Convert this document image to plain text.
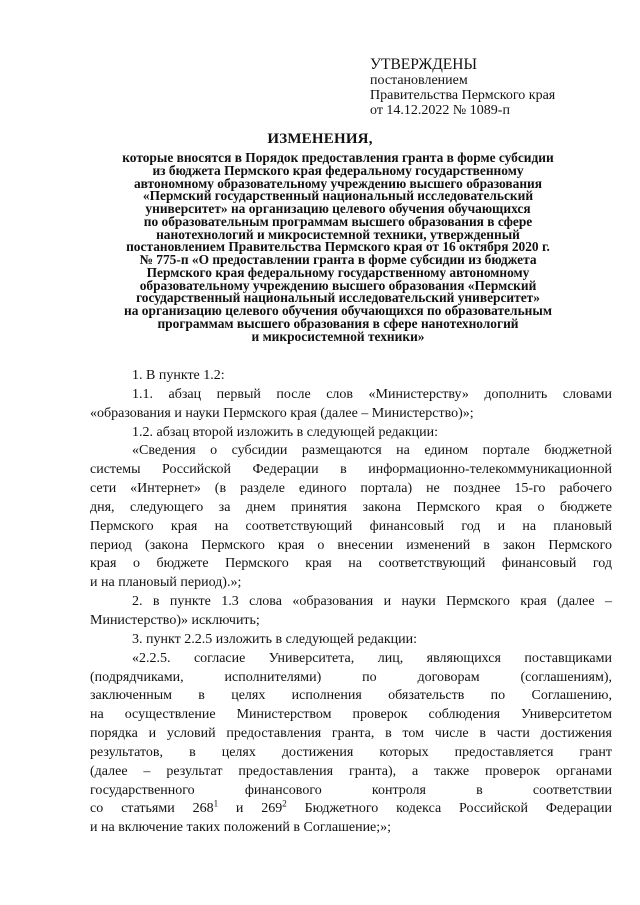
УТВЕРЖДЕНЫ
постановлением
Правительства Пермского края
от 14.12.2022 № 1089-п
ИЗМЕНЕНИЯ,
которые вносятся в Порядок предоставления гранта в форме субсидии
из бюджета Пермского края федеральному государственному
автономному образовательному учреждению высшего образования
«Пермский государственный национальный исследовательский
университет» на организацию целевого обучения обучающихся
по образовательным программам высшего образования в сфере
нанотехнологий и микросистемной техники, утвержденный
постановлением Правительства Пермского края от 16 октября 2020 г.
№ 775-п «О предоставлении гранта в форме субсидии из бюджета
Пермского края федеральному государственному автономному
образовательному учреждению высшего образования «Пермский
государственный национальный исследовательский университет»
на организацию целевого обучения обучающихся по образовательным
программам высшего образования в сфере нанотехнологий
и микросистемной техники»

1. В пункте 1.2:

1.1. абзац первый после слов «Министерству» дополнить словами
«образования и науки Пермского края (далее – Министерство)»;

1.2. абзац второй изложить в следующей редакции:

«Сведения о субсидии размещаются на едином портале бюджетной
системы Российской Федерации в информационно-телекоммуникационной
сети «Интернет» (в разделе единого портала) не позднее 15-го рабочего
дня, следующего за днем принятия закона Пермского края о бюджете
Пермского края на соответствующий финансовый год и на плановый
период (закона Пермского края о внесении изменений в закон Пермского
края о бюджете Пермского края на соответствующий финансовый год
и на плановый период).»;
2. в пункте 1.3 слова «образования и науки Пермского края (далее –
Министерство)» исключить;

3. пункт 2.2.5 изложить в следующей редакции:

«2.2.5. согласие Университета, лиц, являющихся поставщиками
(подрядчиками, исполнителями) по договорам (соглашениям),
заключенным в целях исполнения обязательств по Соглашению,
на осуществление Министерством проверок соблюдения Университетом
порядка и условий предоставления гранта, в том числе в части достижения
результатов, в целях достижения которых предоставляется грант
(далее – результат предоставления гранта), а также проверок органами
государственного финансового контроля в соответствии
со статьями $268^1$ и $269^2$ Бюджетного кодекса Российской Федерации
и на включение таких положений в Соглашение;»;
